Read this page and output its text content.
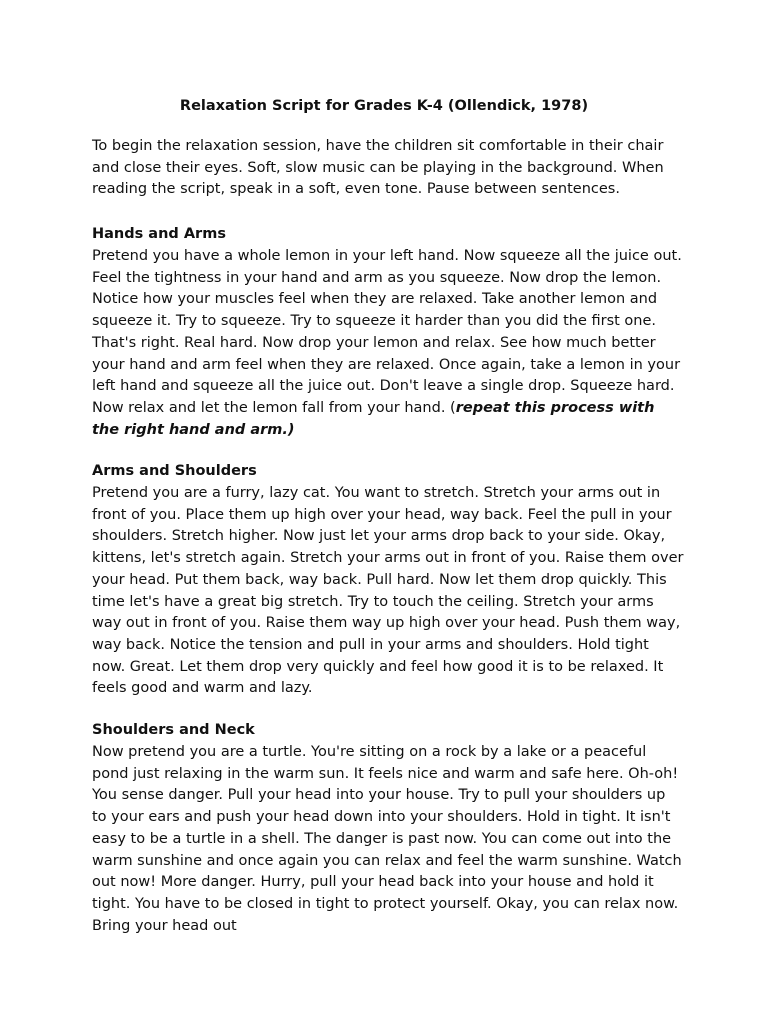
Relaxation Script for Grades K-4 (Ollendick, 1978)

To begin the relaxation session, have the children sit comfortable in their chair and close their eyes. Soft, slow music can be playing in the background. When reading the script, speak in a soft, even tone. Pause between sentences.

Hands and Arms

Pretend you have a whole lemon in your left hand. Now squeeze all the juice out. Feel the tightness in your hand and arm as you squeeze. Now drop the lemon. Notice how your muscles feel when they are relaxed. Take another lemon and squeeze it. Try to squeeze. Try to squeeze it harder than you did the first one. That's right. Real hard. Now drop your lemon and relax. See how much better your hand and arm feel when they are relaxed. Once again, take a lemon in your left hand and squeeze all the juice out. Don't leave a single drop. Squeeze hard. Now relax and let the lemon fall from your hand. (repeat this process with the right hand and arm.)

Arms and Shoulders

Pretend you are a furry, lazy cat. You want to stretch. Stretch your arms out in front of you. Place them up high over your head, way back. Feel the pull in your shoulders. Stretch higher. Now just let your arms drop back to your side. Okay, kittens, let's stretch again. Stretch your arms out in front of you. Raise them over your head. Put them back, way back. Pull hard. Now let them drop quickly. This time let's have a great big stretch. Try to touch the ceiling. Stretch your arms way out in front of you. Raise them way up high over your head. Push them way, way back. Notice the tension and pull in your arms and shoulders. Hold tight now. Great. Let them drop very quickly and feel how good it is to be relaxed. It feels good and warm and lazy.

Shoulders and Neck

Now pretend you are a turtle. You're sitting on a rock by a lake or a peaceful pond just relaxing in the warm sun. It feels nice and warm and safe here. Oh-oh! You sense danger. Pull your head into your house. Try to pull your shoulders up to your ears and push your head down into your shoulders. Hold in tight. It isn't easy to be a turtle in a shell. The danger is past now. You can come out into the warm sunshine and once again you can relax and feel the warm sunshine. Watch out now! More danger. Hurry, pull your head back into your house and hold it tight. You have to be closed in tight to protect yourself. Okay, you can relax now. Bring your head out
